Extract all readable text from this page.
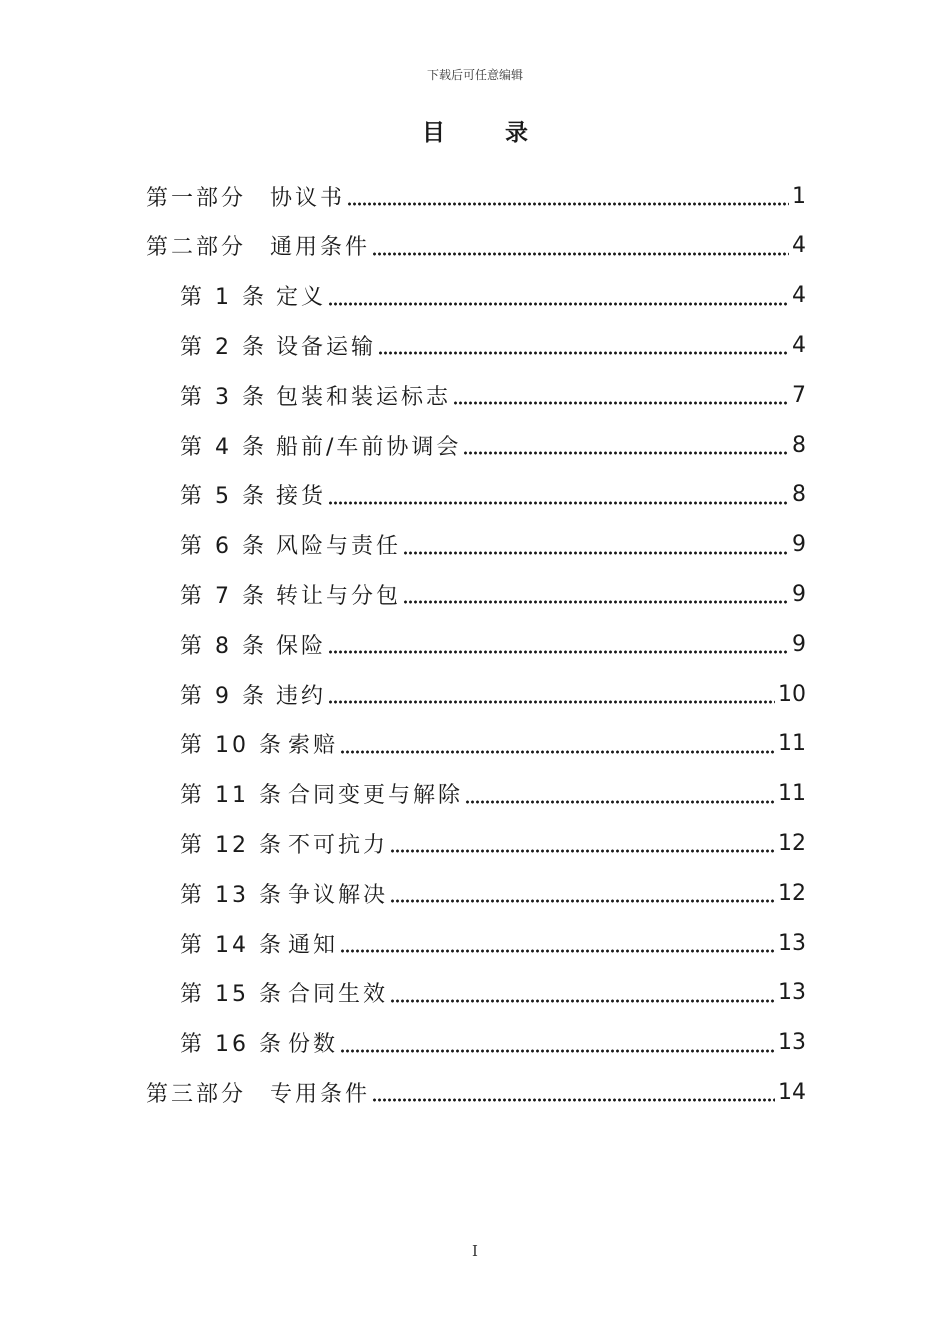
下载后可任意编辑
目 录
第一部分	协议书	1
第二部分	通用条件	4
第 1 条 定义	4
第 2 条 设备运输	4
第 3 条 包装和装运标志	7
第 4 条 船前/车前协调会	8
第 5 条 接货	8
第 6 条 风险与责任	9
第 7 条 转让与分包	9
第 8 条 保险	9
第 9 条 违约	10
第 10 条 索赔	11
第 11 条 合同变更与解除	11
第 12 条 不可抗力	12
第 13 条 争议解决	12
第 14 条 通知	13
第 15 条 合同生效	13
第 16 条 份数	13
第三部分	专用条件	14
I
